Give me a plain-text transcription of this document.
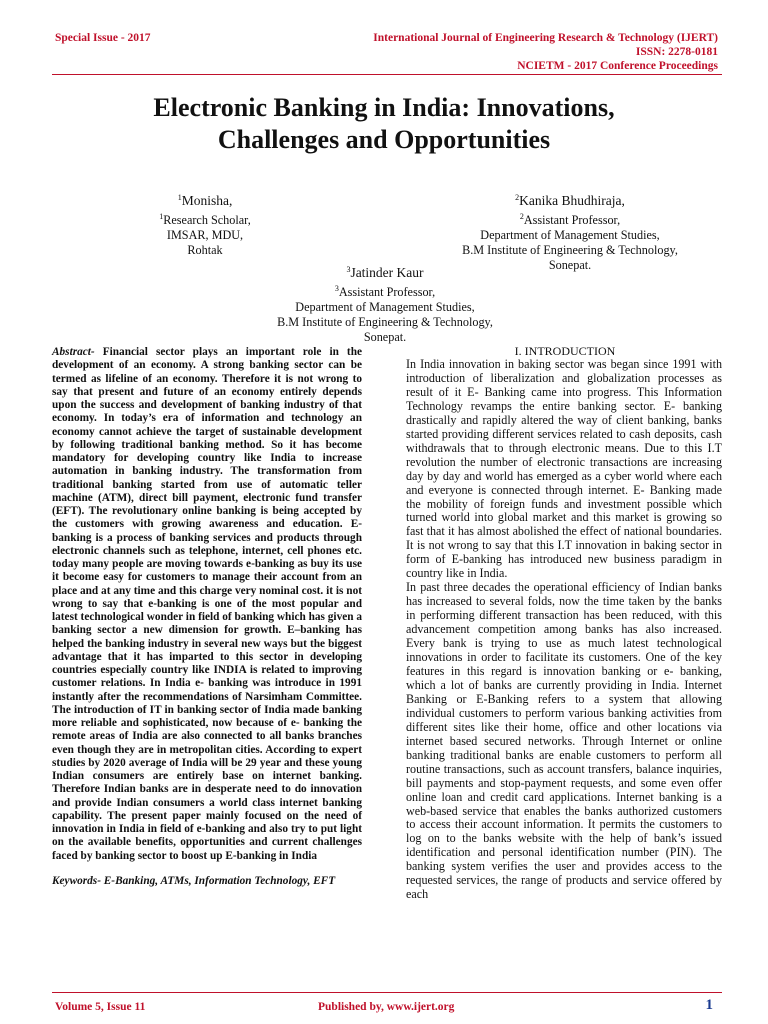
Special Issue - 2017	International Journal of Engineering Research & Technology (IJERT)
ISSN: 2278-0181
NCIETM - 2017 Conference Proceedings
Electronic Banking in India: Innovations,
Challenges and Opportunities
$^1$Monisha,
$^1$Research Scholar,
IMSAR, MDU,
Rohtak
$^2$Kanika Bhudhiraja,
$^2$Assistant Professor,
Department of Management Studies,
B.M Institute of Engineering & Technology,
Sonepat.
$^3$Jatinder Kaur
$^3$Assistant Professor,
Department of Management Studies,
B.M Institute of Engineering & Technology,
Sonepat.
Abstract- Financial sector plays an important role in the development of an economy. A strong banking sector can be termed as lifeline of an economy. Therefore it is not wrong to say that present and future of an economy entirely depends upon the success and development of banking industry of that economy. In today’s era of information and technology an economy cannot achieve the target of sustainable development by following traditional banking method. So it has become mandatory for developing country like India to increase automation in banking industry. The transformation from traditional banking started from use of automatic teller machine (ATM), direct bill payment, electronic fund transfer (EFT). The revolutionary online banking is being accepted by the customers with growing awareness and education. E-banking is a process of banking services and products through electronic channels such as telephone, internet, cell phones etc. today many people are moving towards e-banking as buy its use it become easy for customers to manage their account from an place and at any time and this charge very nominal cost. it is not wrong to say that e-banking is one of the most popular and latest technological wonder in field of banking which has given a banking sector a new dimension for growth. E–banking has helped the banking industry in several new ways but the biggest advantage that it has imparted to this sector in developing countries especially country like INDIA is related to improving customer relations. In India e- banking was introduce in 1991 instantly after the recommendations of Narsimham Committee. The introduction of IT in banking sector of India made banking more reliable and sophisticated, now because of e- banking the remote areas of India are also connected to all banks branches even though they are in metropolitan cities. According to expert studies by 2020 average of India will be 29 year and these young Indian consumers are entirely base on internet banking. Therefore Indian banks are in desperate need to do innovation and provide Indian consumers a world class internet banking capability. The present paper mainly focused on the need of innovation in India in field of e-banking and also try to put light on the available benefits, opportunities and current challenges faced by banking sector to boost up E-banking in India
Keywords- E-Banking, ATMs, Information Technology, EFT
I. INTRODUCTION

In India innovation in baking sector was began since 1991 with introduction of liberalization and globalization processes as result of it E- Banking came into progress. This Information Technology revamps the entire banking sector. E- banking drastically and rapidly altered the way of client banking, banks started providing different services related to cash deposits, cash withdrawals that to through electronic means. Due to this I.T revolution the number of electronic transactions are increasing day by day and world has emerged as a cyber world where each and everyone is connected through internet. E- Banking made the mobility of foreign funds and investment possible which turned world into global market and this market is growing so fast that it has almost abolished the effect of national boundaries. It is not wrong to say that this I.T innovation in baking sector in form of E-banking has introduced new business paradigm in country like in India.

In past three decades the operational efficiency of Indian banks has increased to several folds, now the time taken by the banks in performing different transaction has been reduced, with this advancement competition among banks has also increased. Every bank is trying to use as much latest technological innovations in order to facilitate its customers. One of the key features in this regard is innovation banking or e- banking, which a lot of banks are currently providing in India. Internet Banking or E-Banking refers to a system that allowing individual customers to perform various banking activities from different sites like their home, office and other locations via internet based secured networks. Through Internet or online banking traditional banks are enable customers to perform all routine transactions, such as account transfers, balance inquiries, bill payments and stop-payment requests, and some even offer online loan and credit card applications. Internet banking is a web-based service that enables the banks authorized customers to access their account information. It permits the customers to log on to the banks website with the help of bank’s issued identification and personal identification number (PIN). The banking system verifies the user and provides access to the requested services, the range of products and service offered by each

Volume 5, Issue 11	Published by, www.ijert.org	1
